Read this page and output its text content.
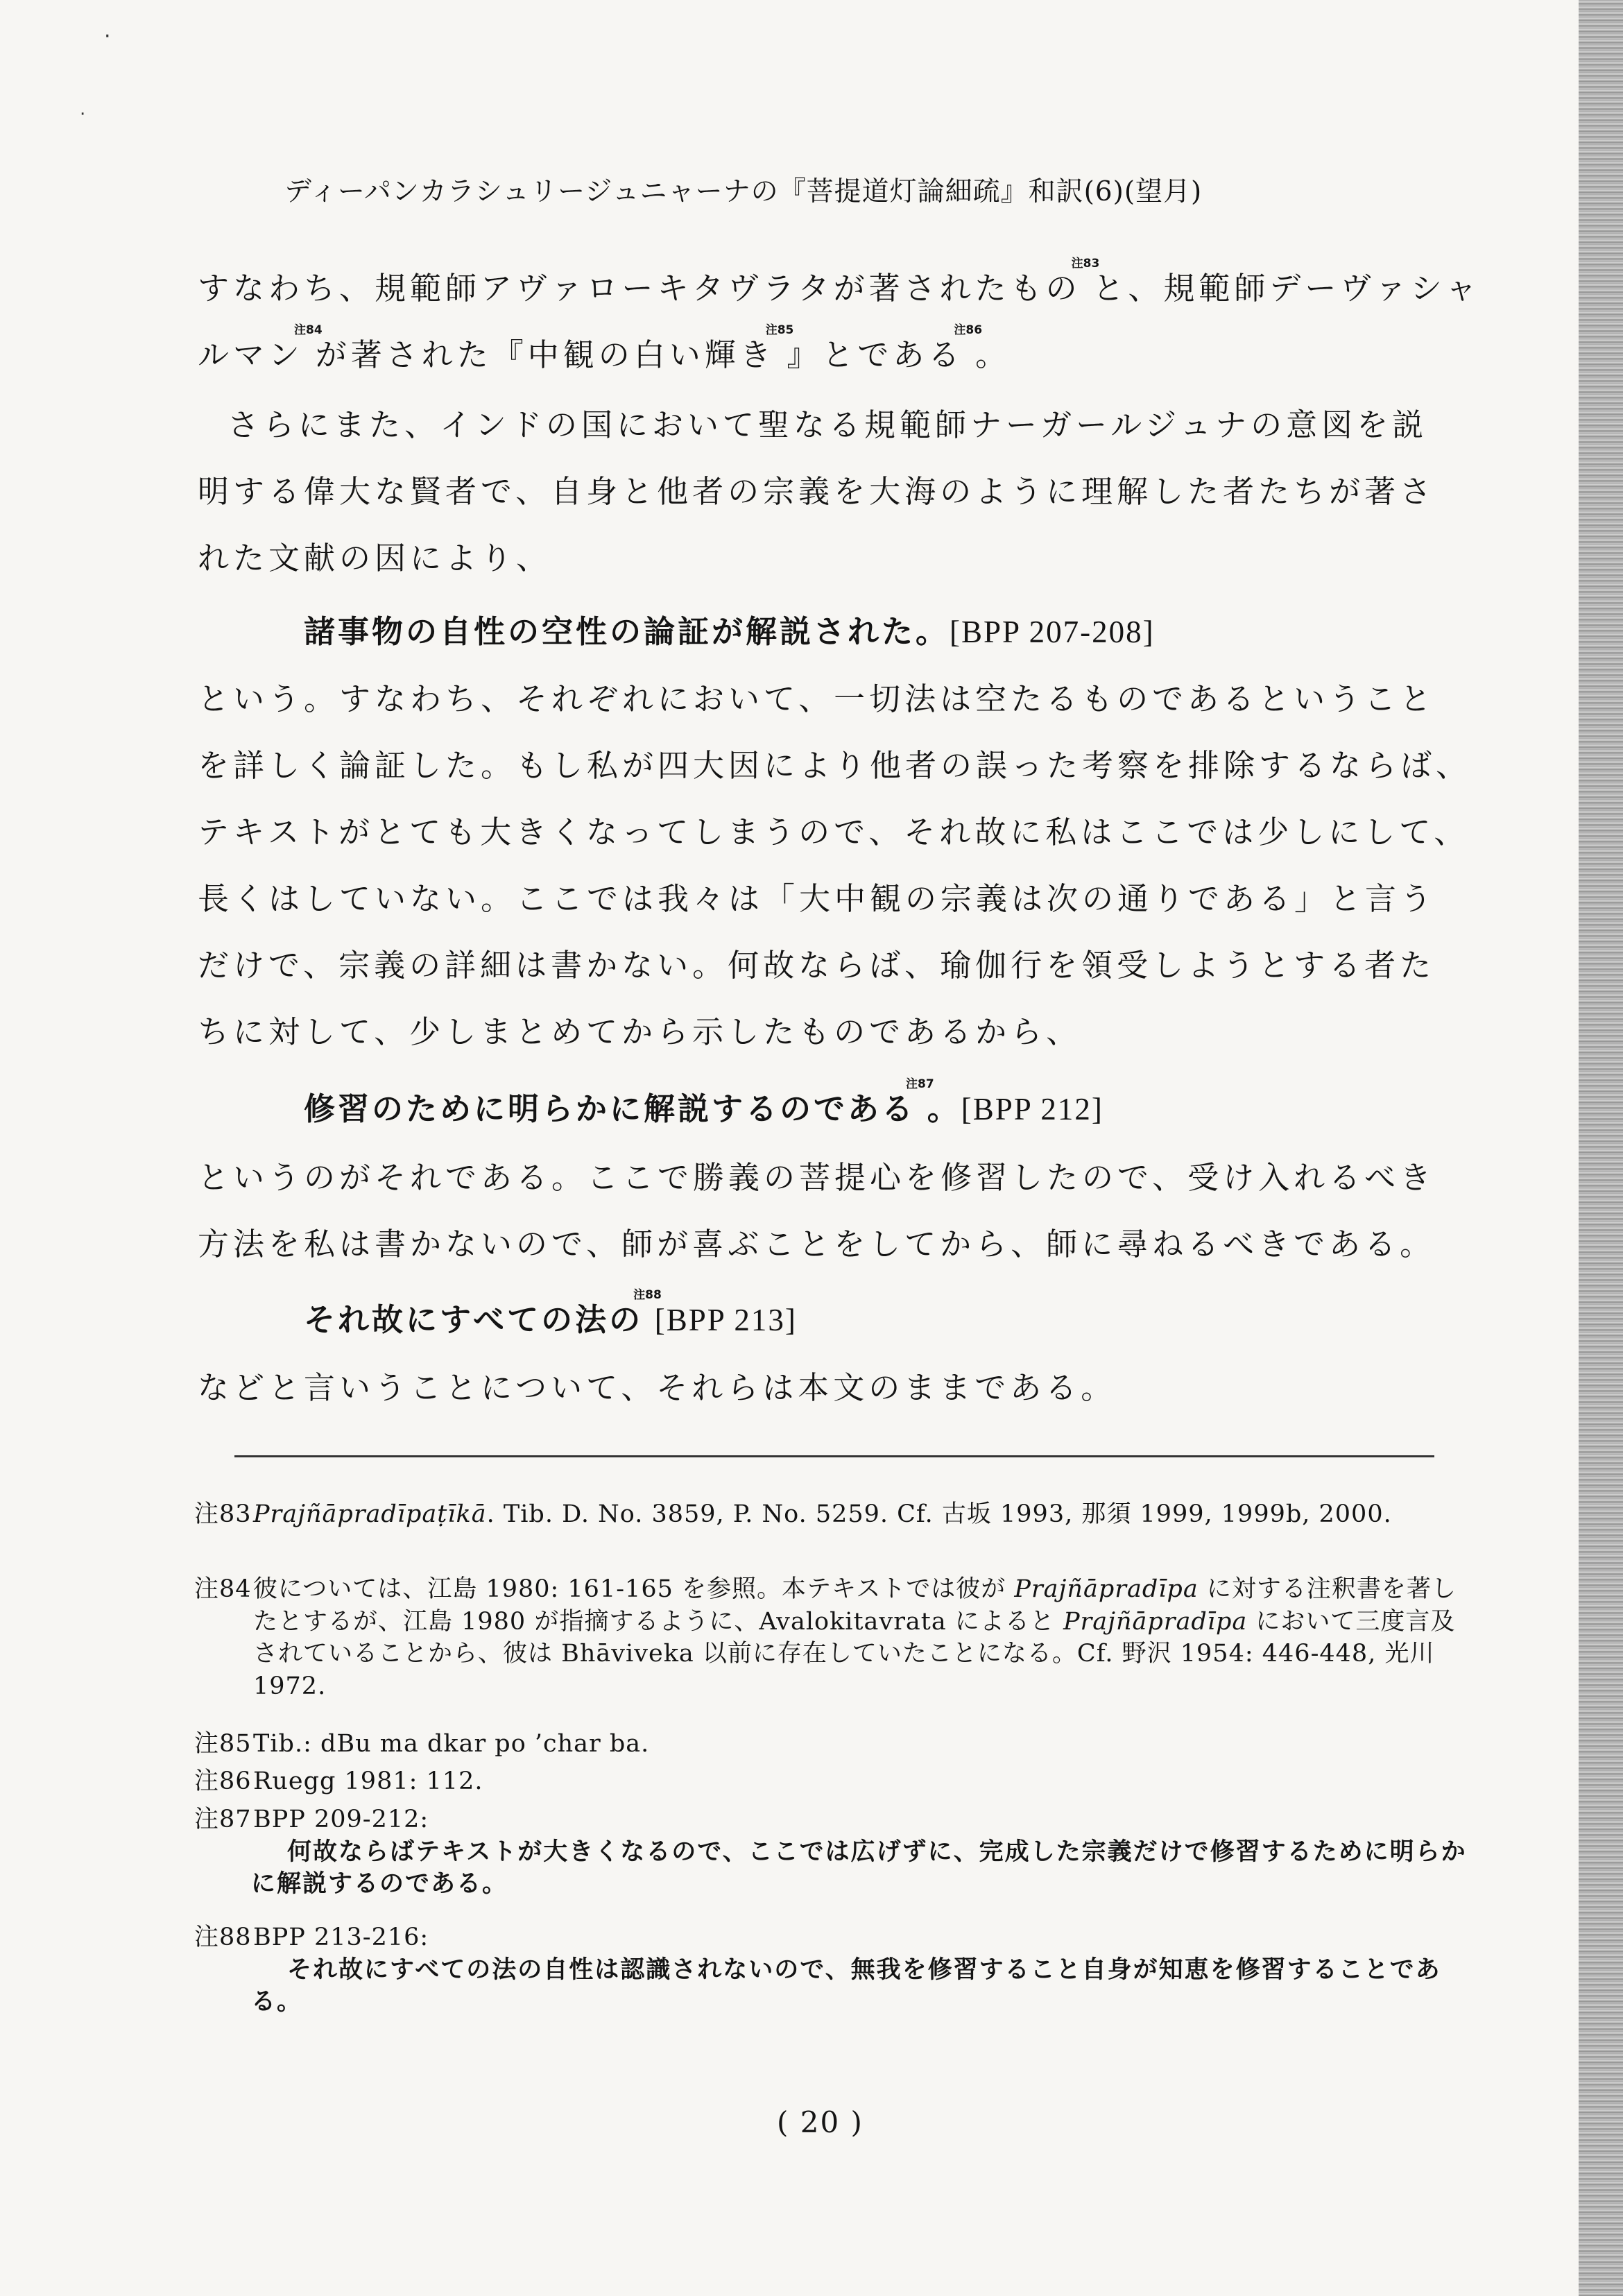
·
·
ディーパンカラシュリージュニャーナの『菩提道灯論細疏』和訳(6)(望月)
すなわち、規範師アヴァローキタヴラタが著されたもの$^{注83}$と、規範師デーヴァシャ
ルマン$^{注84}$が著された『中観の白い輝き$^{注85}$』とである$^{注86}$。
さらにまた、インドの国において聖なる規範師ナーガールジュナの意図を説
明する偉大な賢者で、自身と他者の宗義を大海のように理解した者たちが著さ
れた文献の因により、
諸事物の自性の空性の論証が解説された。[BPP 207-208]
という。すなわち、それぞれにおいて、一切法は空たるものであるということ
を詳しく論証した。もし私が四大因により他者の誤った考察を排除するならば、
テキストがとても大きくなってしまうので、それ故に私はここでは少しにして、
長くはしていない。ここでは我々は「大中観の宗義は次の通りである」と言う
だけで、宗義の詳細は書かない。何故ならば、瑜伽行を領受しようとする者た
ちに対して、少しまとめてから示したものであるから、
修習のために明らかに解説するのである$^{注87}$。[BPP 212]
というのがそれである。ここで勝義の菩提心を修習したので、受け入れるべき
方法を私は書かないので、師が喜ぶことをしてから、師に尋ねるべきである。
それ故にすべての法の$^{注88}$[BPP 213]
などと言いうことについて、それらは本文のままである。
注83 Prajñāpradīpaṭīkā. Tib. D. No. 3859, P. No. 5259. Cf. 古坂 1993, 那須 1999, 1999b, 2000.
注84 彼については、江島 1980: 161-165 を参照。本テキストでは彼が Prajñāpradīpa に対する注釈書を著したとするが、江島 1980 が指摘するように、Avalokitavrata によると Prajñāpradīpa において三度言及されていることから、彼は Bhāviveka 以前に存在していたことになる。Cf. 野沢 1954: 446-448, 光川 1972.
注85 Tib.: dBu ma dkar po ’char ba.
注86 Ruegg 1981: 112.
注87 BPP 209-212:
何故ならばテキストが大きくなるので、ここでは広げずに、完成した宗義だけで修習するために明らかに解説するのである。
注88 BPP 213-216:
それ故にすべての法の自性は認識されないので、無我を修習すること自身が知恵を修習することである。
( 20 )
